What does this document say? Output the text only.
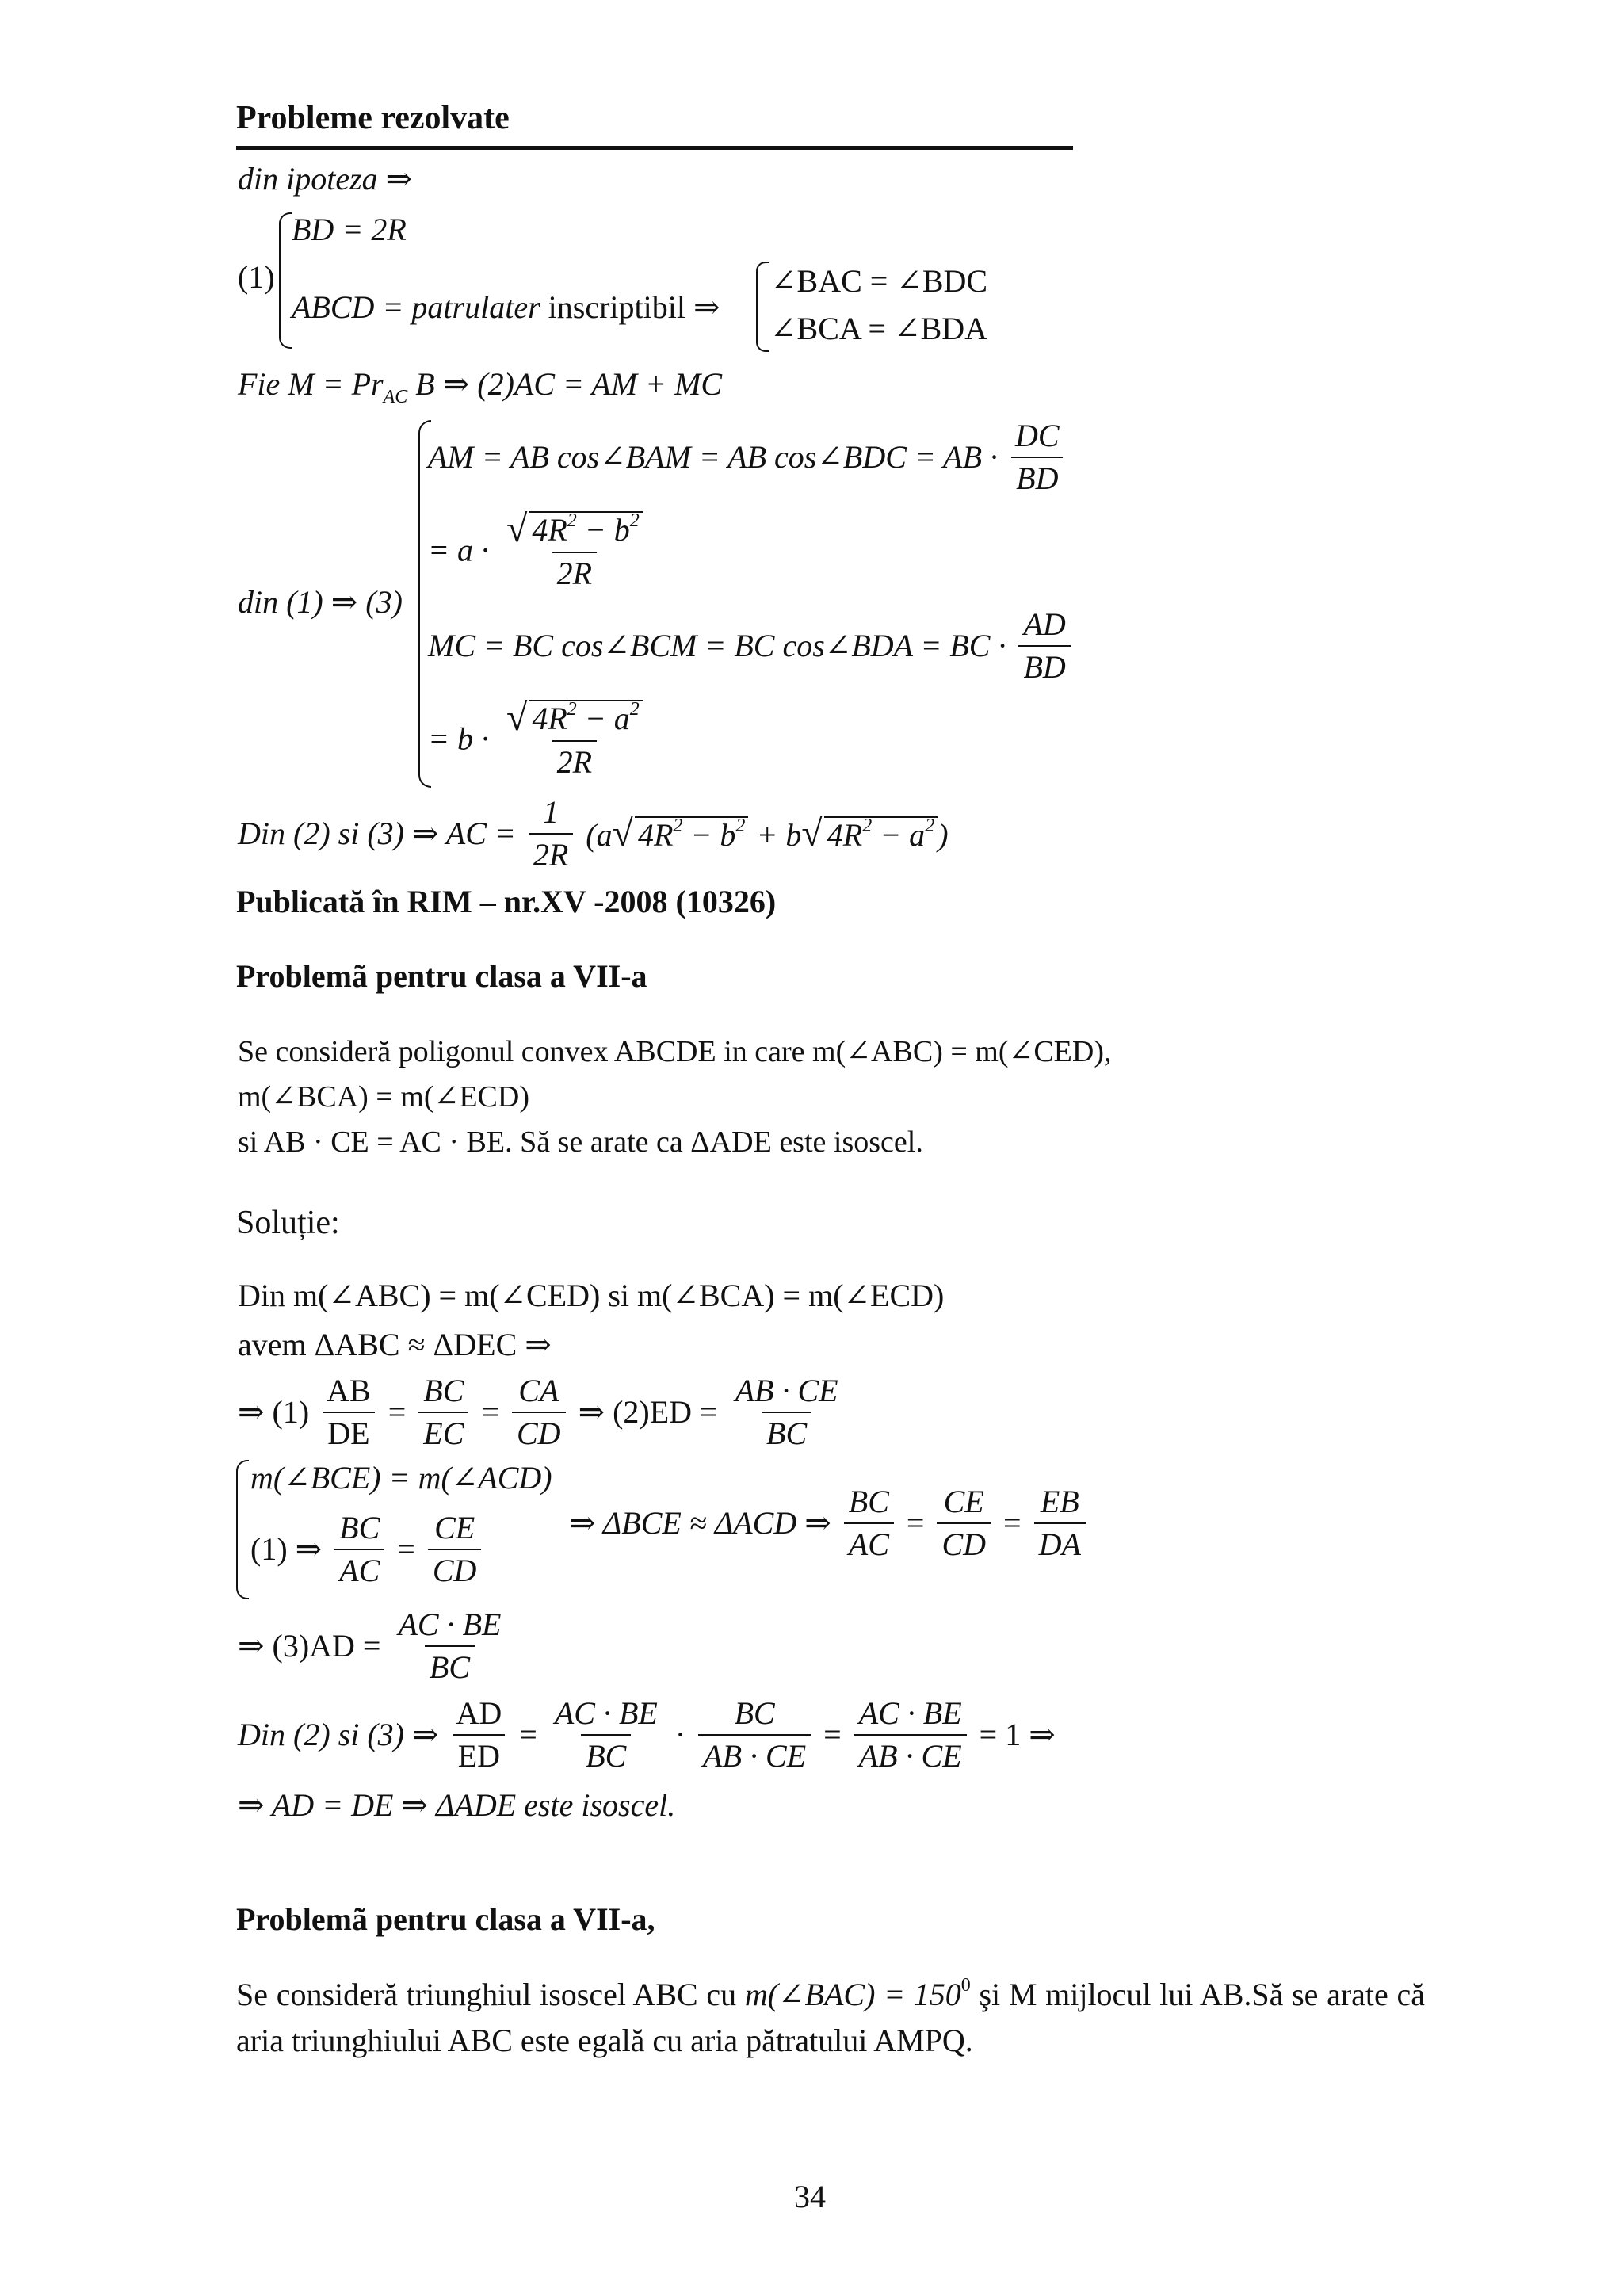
Probleme rezolvate
din ipoteza ⇒
(1)
BD = 2R
ABCD = patrulater inscriptibil ⇒
∠BAC = ∠BDC
∠BCA = ∠BDA
Fie $M = Pr_{AC}$ B ⇒ (2)AC = AM + MC
din (1) ⇒ (3)
AM = AB cos∠BAM = AB cos∠BDC = AB · $\frac{DC}{BD}$
= $a \cdot \frac{√ 4R^2 - b^2}{2R}$
MC = BC cos∠BCM = BC cos∠BDA = BC · $\frac{AD}{BD}$
= $b \cdot \frac{√ 4R^2 - a^2}{2R}$
Din (2) si (3) ⇒ AC = $\frac{1}{2R} (a$ √ $4R^2 - b^2 + b$ √ $4R^2 - a^2$ )
Publicată în RIM – nr.XV -2008 (10326)
Problemã pentru clasa a VII-a
Se consideră poligonul convex ABCDE in care m(∠ABC) = m(∠CED),
m(∠BCA) = m(∠ECD)
si AB · CE = AC · BE. Să se arate ca ΔADE este isoscel.
Soluție:
Din m(∠ABC) = m(∠CED) si m(∠BCA) = m(∠ECD)
avem ΔABC ≈ ΔDEC ⇒
⇒ $(1) \frac{AB}{DE} = \frac{BC}{EC} = \frac{CA}{CD}$ ⇒ $(2)ED = \frac{AB \cdot CE}{BC}$
m(∠BCE) = m(∠ACD)
(1) ⇒ $\frac{BC}{AC} = \frac{CE}{CD}$	⇒ ΔBCE ≈ ΔACD ⇒ $\frac{BC}{AC} = \frac{CE}{CD} = \frac{EB}{DA}$
⇒ $(3)AD = \frac{AC \cdot BE}{BC}$
Din (2) si (3) ⇒ $\frac{AD}{ED} = \frac{AC \cdot BE}{BC} \cdot \frac{BC}{AB \cdot CE} = \frac{AC \cdot BE}{AB \cdot CE} = 1$ ⇒
⇒ AD = DE ⇒ ΔADE este isoscel.
Problemã pentru clasa a VII-a,
Se consideră triunghiul isoscel ABC cu m(∠BAC) = $150^0$ şi M mijlocul lui AB.Să se arate că aria triunghiului ABC este egală cu aria pătratului AMPQ.
34
